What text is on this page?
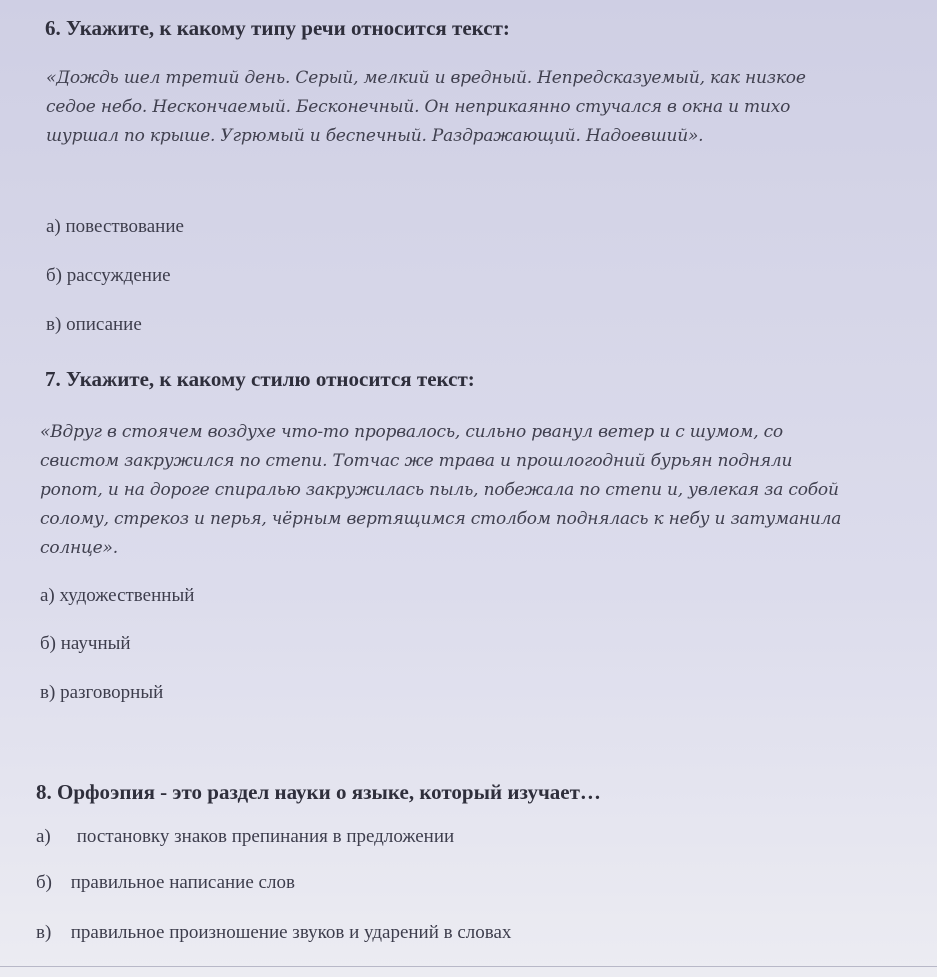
6. Укажите, к какому типу речи относится текст:
«Дождь шел третий день. Серый, мелкий и вредный. Непредсказуемый, как низкое седое небо. Нескончаемый. Бесконечный. Он неприкаянно стучался в окна и тихо шуршал по крыше. Угрюмый и беспечный. Раздражающий. Надоевший».
а) повествование
б) рассуждение
в) описание
7. Укажите, к какому стилю относится текст:
«Вдруг в стоячем воздухе что-то прорвалось, сильно рванул ветер и с шумом, со свистом закружился по степи. Тотчас же трава и прошлогодний бурьян подняли ропот, и на дороге спиралью закружилась пыль, побежала по степи и, увлекая за собой солому, стрекоз и перья, чёрным вертящимся столбом поднялась к небу и затуманила солнце».
а) художественный
б) научный
в) разговорный
8. Орфоэпия - это раздел науки о языке, который изучает…
а) постановку знаков препинания в предложении
б) правильное написание слов
в) правильное произношение звуков и ударений в словах
